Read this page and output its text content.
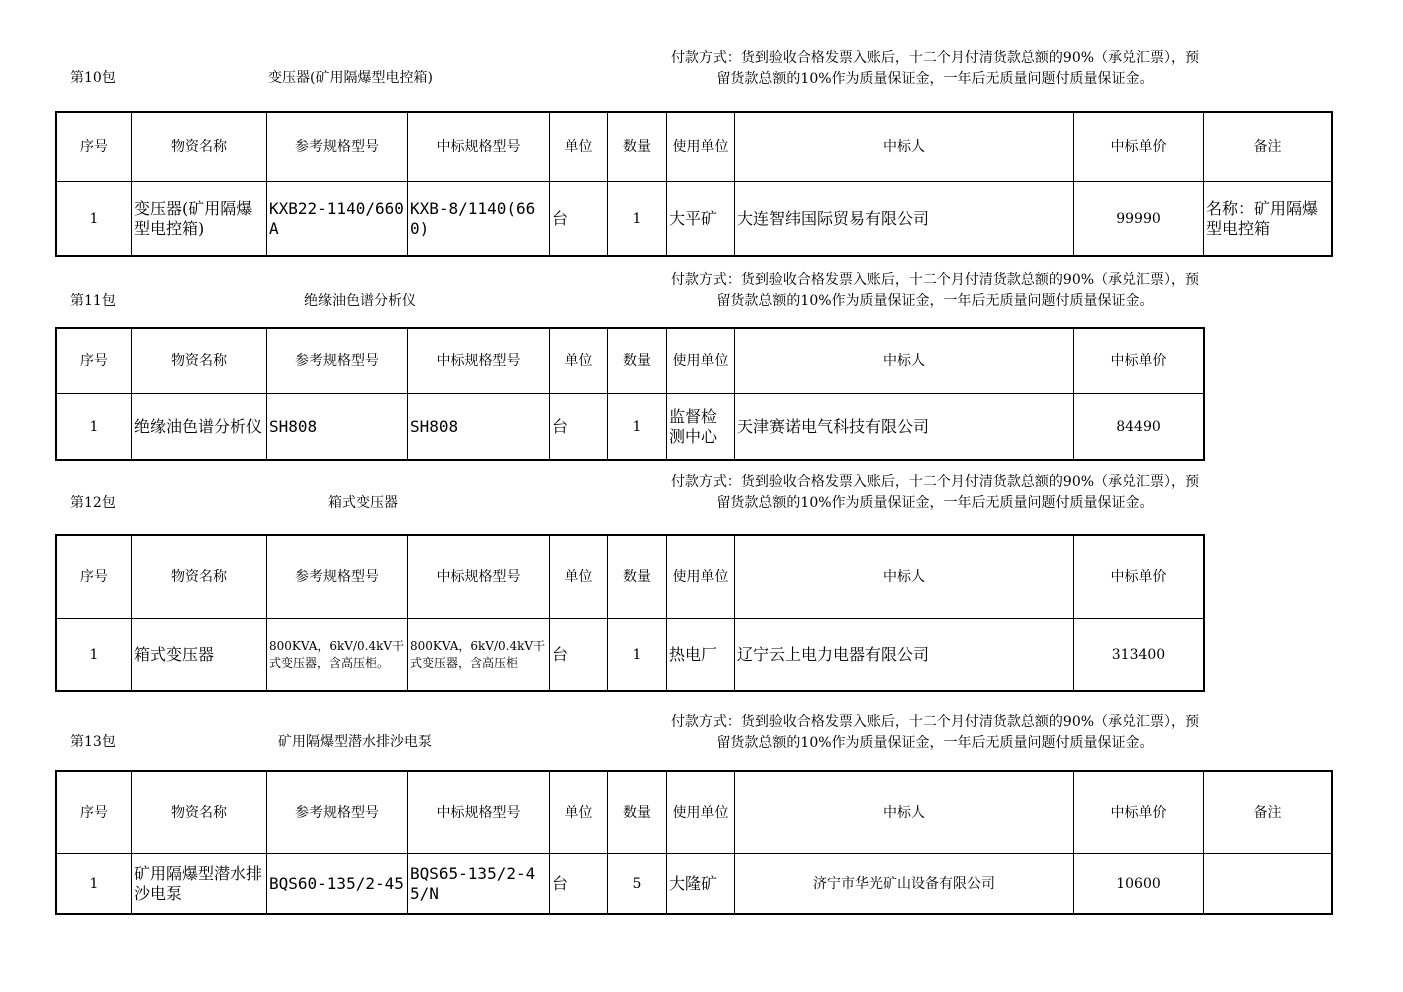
第10包	变压器(矿用隔爆型电控箱)
付款方式：货到验收合格发票入账后，十二个月付清货款总额的90%（承兑汇票），预留货款总额的10%作为质量保证金，一年后无质量问题付质量保证金。
序号	物资名称	参考规格型号	中标规格型号	单位	数量	使用单位	中标人	中标单价	备注
1	变压器(矿用隔爆型电控箱)	KXB22-1140/660A	KXB-8/1140(660)	台	1	大平矿	大连智纬国际贸易有限公司	99990	名称：矿用隔爆型电控箱
第11包	绝缘油色谱分析仪
付款方式：货到验收合格发票入账后，十二个月付清货款总额的90%（承兑汇票），预留货款总额的10%作为质量保证金，一年后无质量问题付质量保证金。
序号	物资名称	参考规格型号	中标规格型号	单位	数量	使用单位	中标人	中标单价
1	绝缘油色谱分析仪	SH808	SH808	台	1	监督检测中心	天津赛诺电气科技有限公司	84490
第12包	箱式变压器
付款方式：货到验收合格发票入账后，十二个月付清货款总额的90%（承兑汇票），预留货款总额的10%作为质量保证金，一年后无质量问题付质量保证金。
序号	物资名称	参考规格型号	中标规格型号	单位	数量	使用单位	中标人	中标单价
1	箱式变压器	800KVA，6kV/0.4kV干式变压器，含高压柜。	800KVA，6kV/0.4kV干式变压器，含高压柜	台	1	热电厂	辽宁云上电力电器有限公司	313400
第13包	矿用隔爆型潜水排沙电泵
付款方式：货到验收合格发票入账后，十二个月付清货款总额的90%（承兑汇票），预留货款总额的10%作为质量保证金，一年后无质量问题付质量保证金。
序号	物资名称	参考规格型号	中标规格型号	单位	数量	使用单位	中标人	中标单价	备注
1	矿用隔爆型潜水排沙电泵	BQS60-135/2-45	BQS65-135/2-45/N	台	5	大隆矿	济宁市华光矿山设备有限公司	10600	
